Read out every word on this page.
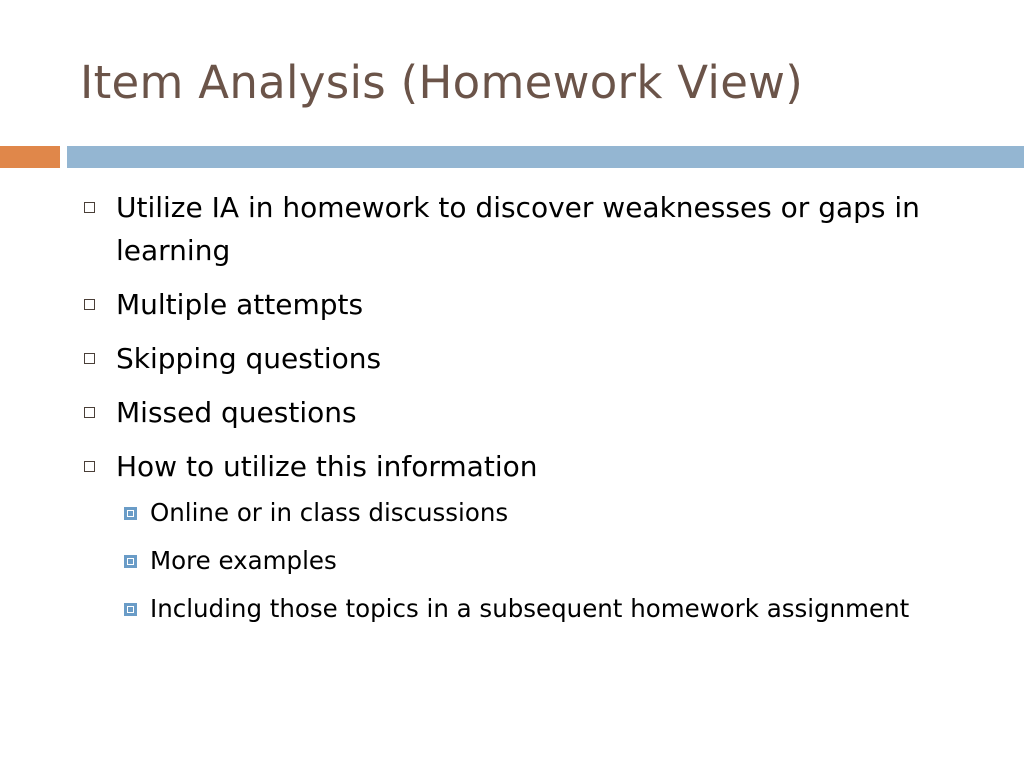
Item Analysis (Homework View)
Utilize IA in homework to discover weaknesses or gaps in learning
Multiple attempts
Skipping questions
Missed questions
How to utilize this information
Online or in class discussions
More examples
Including those topics in a subsequent homework assignment
